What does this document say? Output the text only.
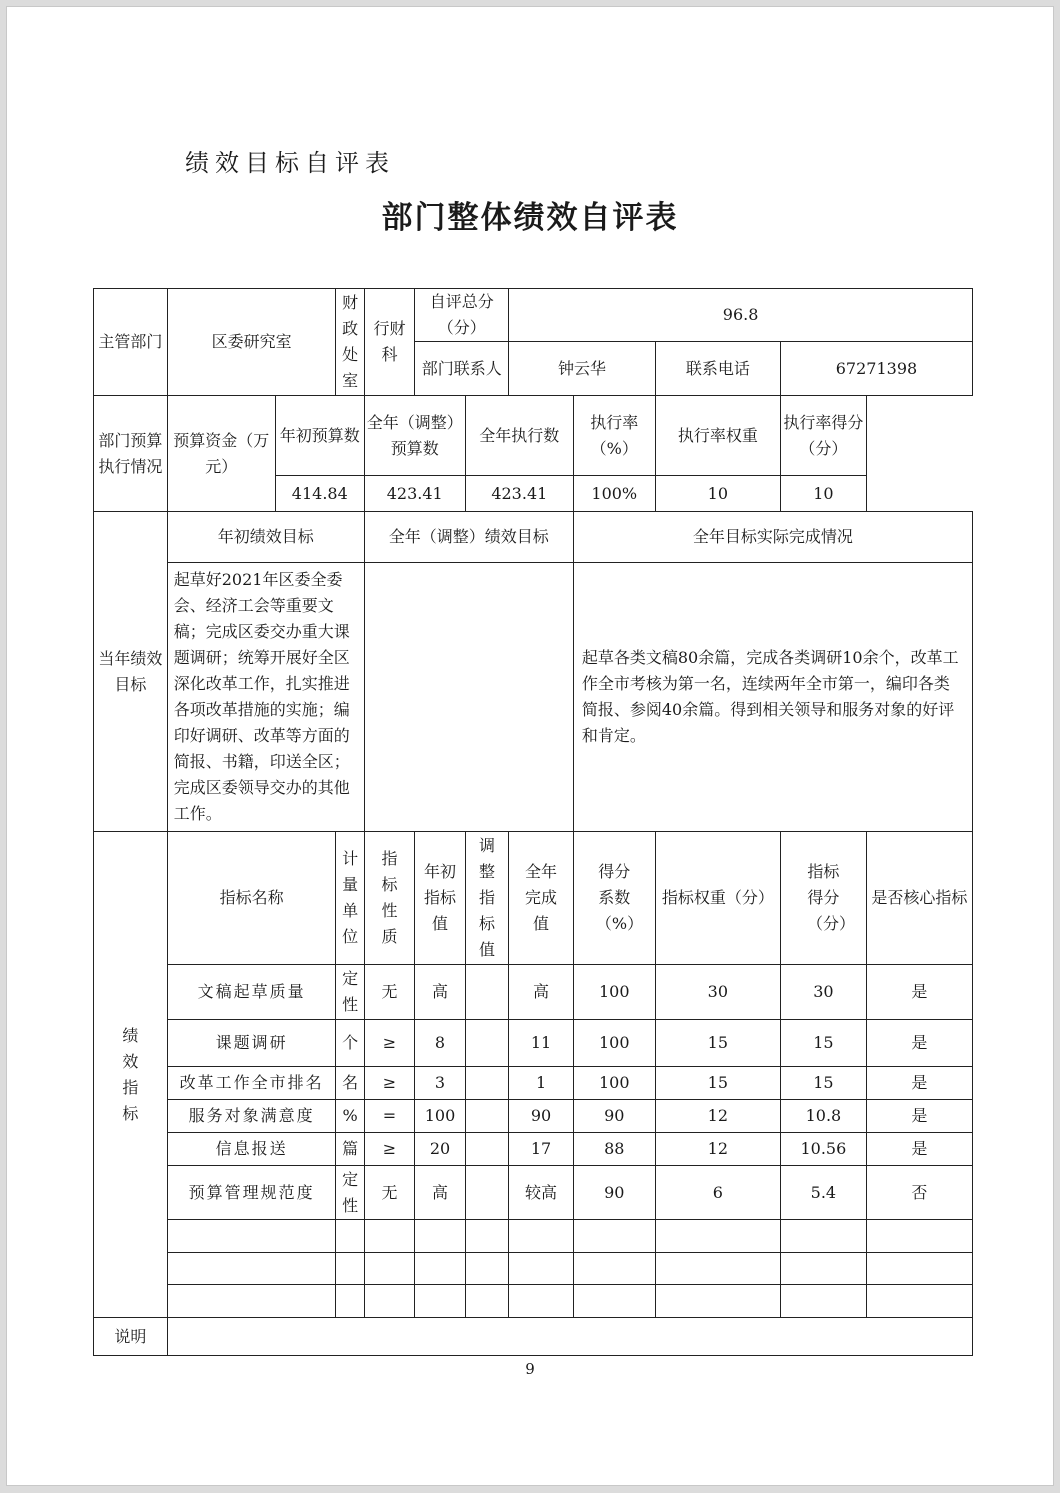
绩效目标自评表
部门整体绩效自评表
主管部门	区委研究室		财政处室	行财科	自评总分（分）		96.8				
					部门联系人		钟云华		联系电话	67271398	
部门预算执行情况	预算资金（万元）	年初预算数		全年（调整）预算数		全年执行数		执行率（%）	执行率权重	执行率得分（分）	
		414.84		423.41		423.41		100%	10	10	
当年绩效目标	年初绩效目标			全年（调整）绩效目标				全年目标实际完成情况			
	起草好2021年区委全委会、经济工会等重要文稿；完成区委交办重大课题调研；统筹开展好全区深化改革工作，扎实推进各项改革措施的实施；编印好调研、改革等方面的简报、书籍，印送全区；完成区委领导交办的其他工作。							起草各类文稿80余篇，完成各类调研10余个，改革工作全市考核为第一名，连续两年全市第一，编印各类简报、参阅40余篇。得到相关领导和服务对象的好评和肯定。			
绩效指标	指标名称		计量单位	指标性质	年初指标值	调整指标值	全年完成值	得分系数（%）	指标权重（分）	指标得分（分）	是否核心指标
	文稿起草质量		定性	无	高		高	100	30	30	是
	课题调研		个	≥	8		11	100	15	15	是
	改革工作全市排名		名	≥	3		1	100	15	15	是
	服务对象满意度		%	=	100		90	90	12	10.8	是
	信息报送		篇	≥	20		17	88	12	10.56	是
	预算管理规范度		定性	无	高		较高	90	6	5.4	否

说明											
9
